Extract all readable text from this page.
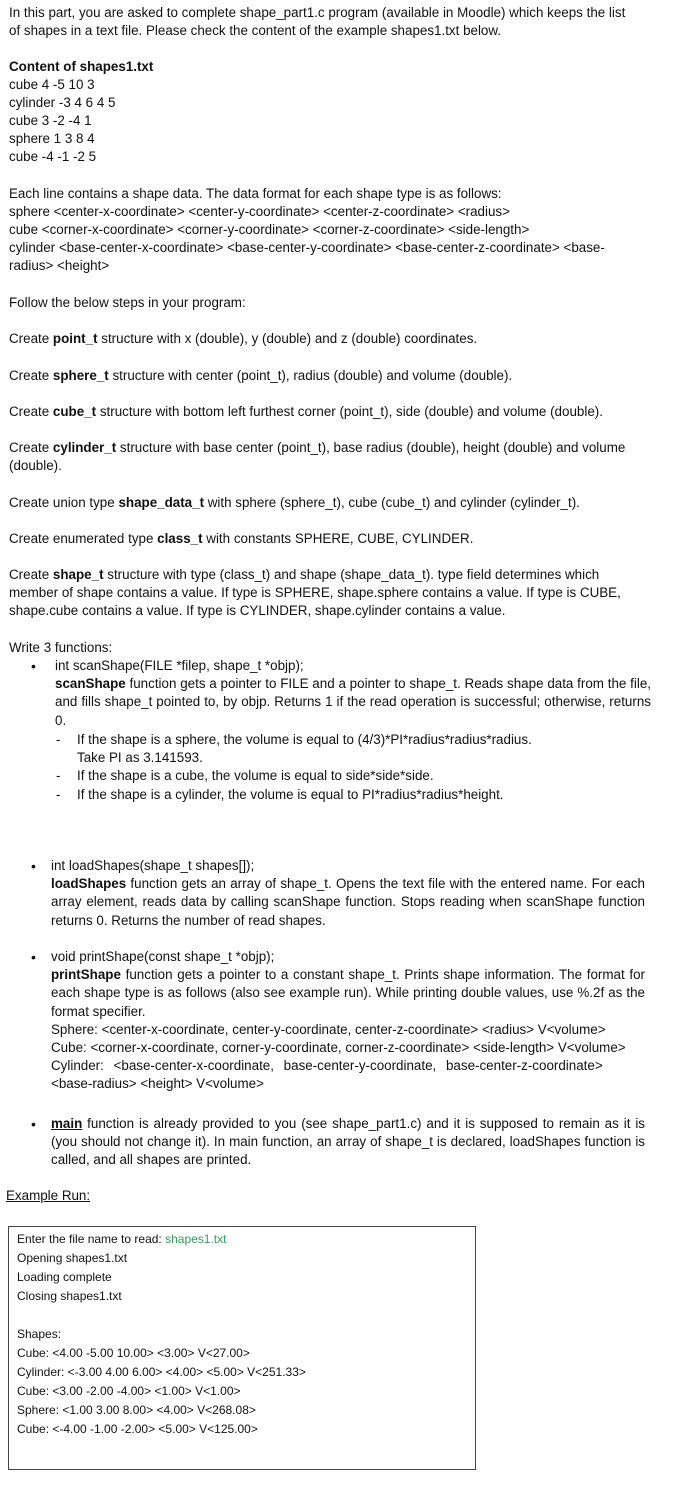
In this part, you are asked to complete shape_part1.c program (available in Moodle) which keeps the list
of shapes in a text file. Please check the content of the example shapes1.txt below.
Content of shapes1.txt
cube 4 -5 10 3
cylinder -3 4 6 4 5
cube 3 -2 -4 1
sphere 1 3 8 4
cube -4 -1 -2 5
Each line contains a shape data. The data format for each shape type is as follows:
sphere <center-x-coordinate> <center-y-coordinate> <center-z-coordinate> <radius>
cube <corner-x-coordinate> <corner-y-coordinate> <corner-z-coordinate> <side-length>
cylinder <base-center-x-coordinate> <base-center-y-coordinate> <base-center-z-coordinate> <base-
radius> <height>
Follow the below steps in your program:
Create point_t structure with x (double), y (double) and z (double) coordinates.
Create sphere_t structure with center (point_t), radius (double) and volume (double).
Create cube_t structure with bottom left furthest corner (point_t), side (double) and volume (double).
Create cylinder_t structure with base center (point_t), base radius (double), height (double) and volume
(double).
Create union type shape_data_t with sphere (sphere_t), cube (cube_t) and cylinder (cylinder_t).
Create enumerated type class_t with constants SPHERE, CUBE, CYLINDER.
Create shape_t structure with type (class_t) and shape (shape_data_t). type field determines which
member of shape contains a value. If type is SPHERE, shape.sphere contains a value. If type is CUBE,
shape.cube contains a value. If type is CYLINDER, shape.cylinder contains a value.
Write 3 functions:
• int scanShape(FILE *filep, shape_t *objp);
scanShape function gets a pointer to FILE and a pointer to shape_t. Reads shape data from the file, and fills shape_t pointed to, by objp. Returns 1 if the read operation is successful; otherwise, returns 0.
- If the shape is a sphere, the volume is equal to (4/3)*PI*radius*radius*radius.
Take PI as 3.141593.
- If the shape is a cube, the volume is equal to side*side*side.
- If the shape is a cylinder, the volume is equal to PI*radius*radius*height.
• int loadShapes(shape_t shapes[]);
loadShapes function gets an array of shape_t. Opens the text file with the entered name. For each array element, reads data by calling scanShape function. Stops reading when scanShape function returns 0. Returns the number of read shapes.
• void printShape(const shape_t *objp);
printShape function gets a pointer to a constant shape_t. Prints shape information. The format for each shape type is as follows (also see example run). While printing double values, use %.2f as the format specifier.
Sphere: <center-x-coordinate, center-y-coordinate, center-z-coordinate> <radius> V<volume>
Cube: <corner-x-coordinate, corner-y-coordinate, corner-z-coordinate> <side-length> V<volume>
Cylinder: <base-center-x-coordinate, base-center-y-coordinate, base-center-z-coordinate>
<base-radius> <height> V<volume>
• main function is already provided to you (see shape_part1.c) and it is supposed to remain as it is (you should not change it). In main function, an array of shape_t is declared, loadShapes function is called, and all shapes are printed.
Example Run:
Enter the file name to read: shapes1.txt
Opening shapes1.txt
Loading complete
Closing shapes1.txt
Shapes:
Cube: <4.00 -5.00 10.00> <3.00> V<27.00>
Cylinder: <-3.00 4.00 6.00> <4.00> <5.00> V<251.33>
Cube: <3.00 -2.00 -4.00> <1.00> V<1.00>
Sphere: <1.00 3.00 8.00> <4.00> V<268.08>
Cube: <-4.00 -1.00 -2.00> <5.00> V<125.00>
